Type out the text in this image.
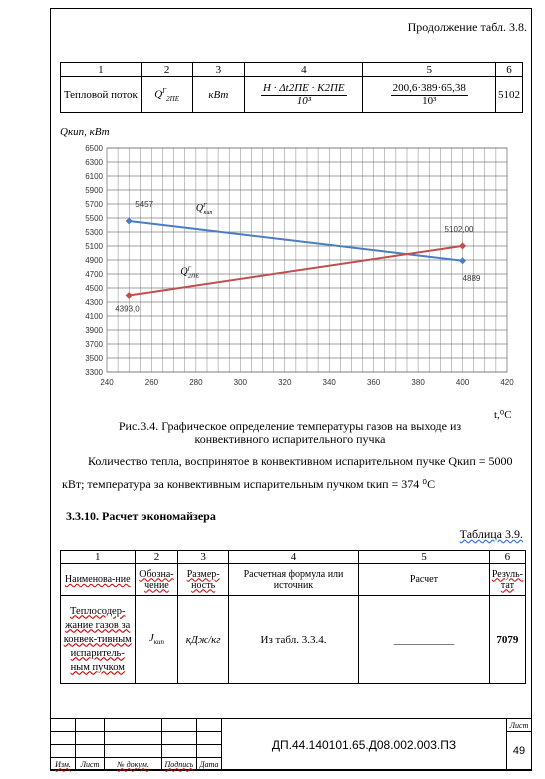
Продолжение табл. 3.8.
1	2	3	4	5	6
Тепловой поток	$Q^Г_{2ПЕ}$	кВт	$\frac{H \cdot \Delta t2ПЕ \cdot K2ПЕ}{\text{10³}}$	$\frac{200,6\cdot 389\cdot 65,38}{\text{10³}}$	5102
Qкип, кВт
3300
3500
3700
3900
4100
4300
4500
4700
4900
5100
5300
5500
5700
5900
6100
6300
6500
240	260	280	300	320	340	360	380	400	420
5457
4889
4393,0
5102,00
$Q^Г$ кип
$Q^Г$ 2ПЕ
t,⁰C
Рис.3.4. Графическое определение температуры газов на выходе из
конвективного испарительного пучка
Количество тепла, воспринятое в конвективном испарительном пучке Qкип = 5000
кВт; температура за конвективным испарительным пучком tкип = 374 ⁰С
3.3.10. Расчет экономайзера
Таблица 3.9.
1	2	3	4	5	6
Наименова-ние	Обозна-чение	Размер-ность	Расчетная формула или источник	Расчет	Резуль-тат
Теплосодер-жание газов за конвек-тивным испаритель-ным пучком	$J_{кип}$	кДж/кг	Из табл. 3.3.4.	___________	7079
					ДП.44.140101.65.Д08.002.003.ПЗ	Лист
						49

Изм.	Лист	№ докум.	Подпись	Дата		
